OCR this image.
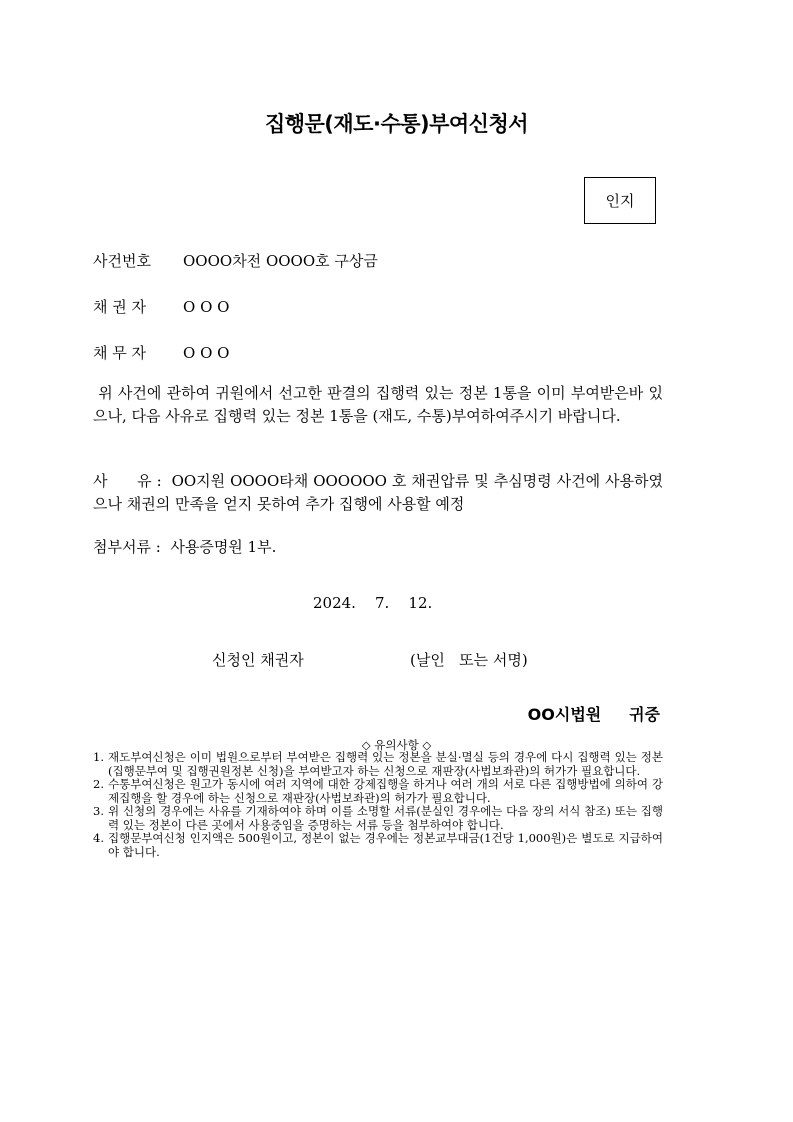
집행문(재도·수통)부여신청서
인지
사건번호 OOOO차전 OOOO호 구상금
채 권 자 O O O
채 무 자 O O O
위 사건에 관하여 귀원에서 선고한 판결의 집행력 있는 정본 1통을 이미 부여받은바 있으나, 다음 사유로 집행력 있는 정본 1통을 (재도, 수통)부여하여주시기 바랍니다.
사      유 : OO지원 OOOO타채 OOOOOO 호 채권압류 및 추심명령 사건에 사용하였으나 채권의 만족을 얻지 못하여 추가 집행에 사용할 예정
첨부서류 : 사용증명원 1부.
2024.    7.    12.
신청인 채권자	(날인   또는 서명)
OO시법원     귀중
◇ 유의사항 ◇
1. 재도부여신청은 이미 법원으로부터 부여받은 집행력 있는 정본을 분실·멸실 등의 경우에 다시 집행력 있는 정본(집행문부여 및 집행권원정본 신청)을 부여받고자 하는 신청으로 재판장(사법보좌관)의 허가가 필요합니다.
2. 수통부여신청은 원고가 동시에 여러 지역에 대한 강제집행을 하거나 여러 개의 서로 다른 집행방법에 의하여 강제집행을 할 경우에 하는 신청으로 재판장(사법보좌관)의 허가가 필요합니다.
3. 위 신청의 경우에는 사유를 기재하여야 하며 이를 소명할 서류(분실인 경우에는 다음 장의 서식 참조) 또는 집행력 있는 정본이 다른 곳에서 사용중임을 증명하는 서류 등을 첨부하여야 합니다.
4. 집행문부여신청 인지액은 500원이고, 정본이 없는 경우에는 정본교부대금(1건당 1,000원)은 별도로 지급하여야 합니다.
